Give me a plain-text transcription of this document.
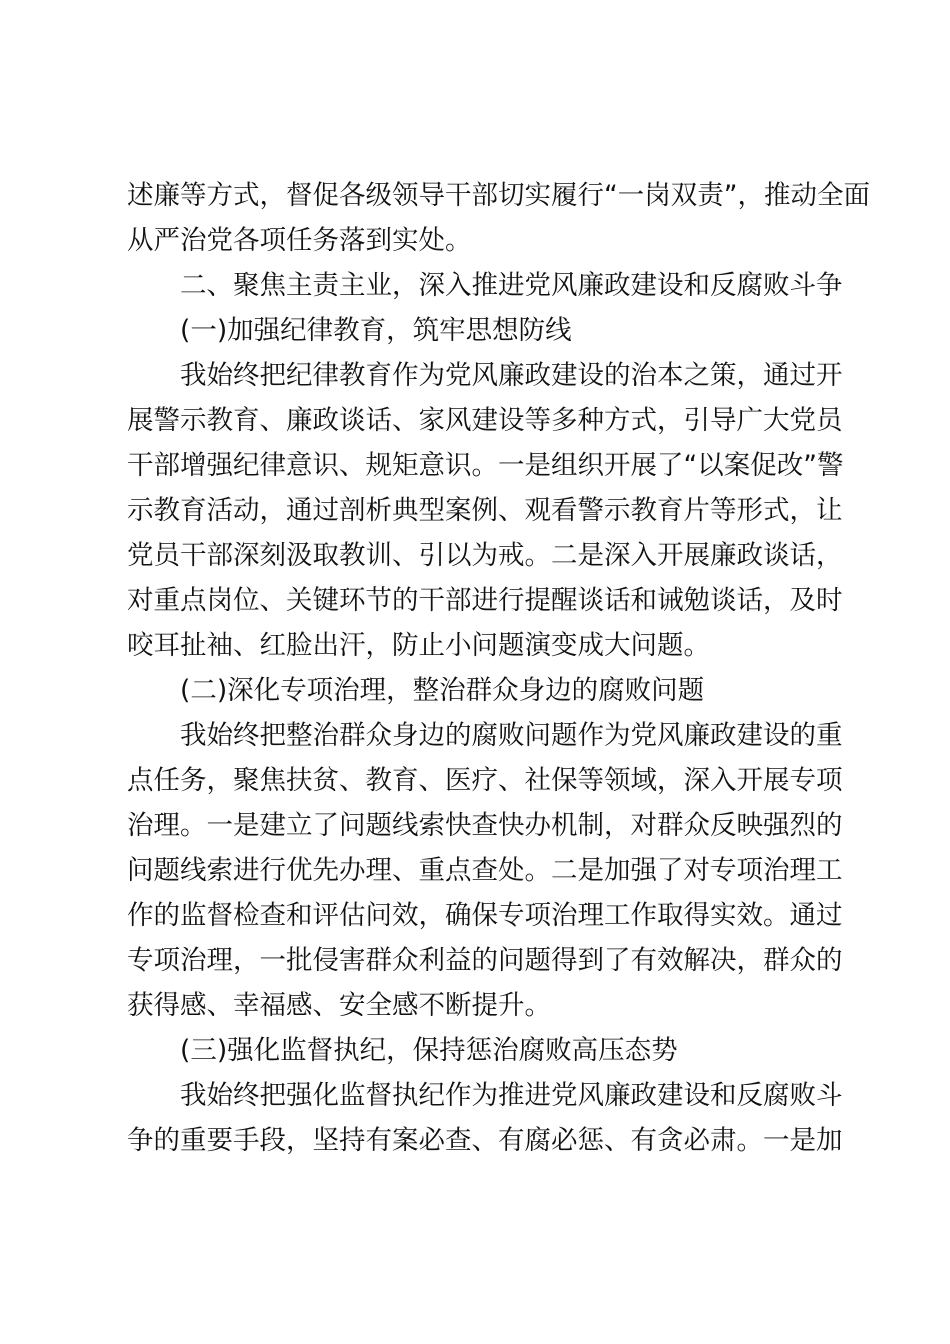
述廉等方式，督促各级领导干部切实履行“一岗双责”，推动全面
从严治党各项任务落到实处。
二、聚焦主责主业，深入推进党风廉政建设和反腐败斗争
(一)加强纪律教育，筑牢思想防线
我始终把纪律教育作为党风廉政建设的治本之策，通过开
展警示教育、廉政谈话、家风建设等多种方式，引导广大党员
干部增强纪律意识、规矩意识。一是组织开展了“以案促改”警
示教育活动，通过剖析典型案例、观看警示教育片等形式，让
党员干部深刻汲取教训、引以为戒。二是深入开展廉政谈话，
对重点岗位、关键环节的干部进行提醒谈话和诫勉谈话，及时
咬耳扯袖、红脸出汗，防止小问题演变成大问题。
(二)深化专项治理，整治群众身边的腐败问题
我始终把整治群众身边的腐败问题作为党风廉政建设的重
点任务，聚焦扶贫、教育、医疗、社保等领域，深入开展专项
治理。一是建立了问题线索快查快办机制，对群众反映强烈的
问题线索进行优先办理、重点查处。二是加强了对专项治理工
作的监督检查和评估问效，确保专项治理工作取得实效。通过
专项治理，一批侵害群众利益的问题得到了有效解决，群众的
获得感、幸福感、安全感不断提升。
(三)强化监督执纪，保持惩治腐败高压态势
我始终把强化监督执纪作为推进党风廉政建设和反腐败斗
争的重要手段，坚持有案必查、有腐必惩、有贪必肃。一是加
